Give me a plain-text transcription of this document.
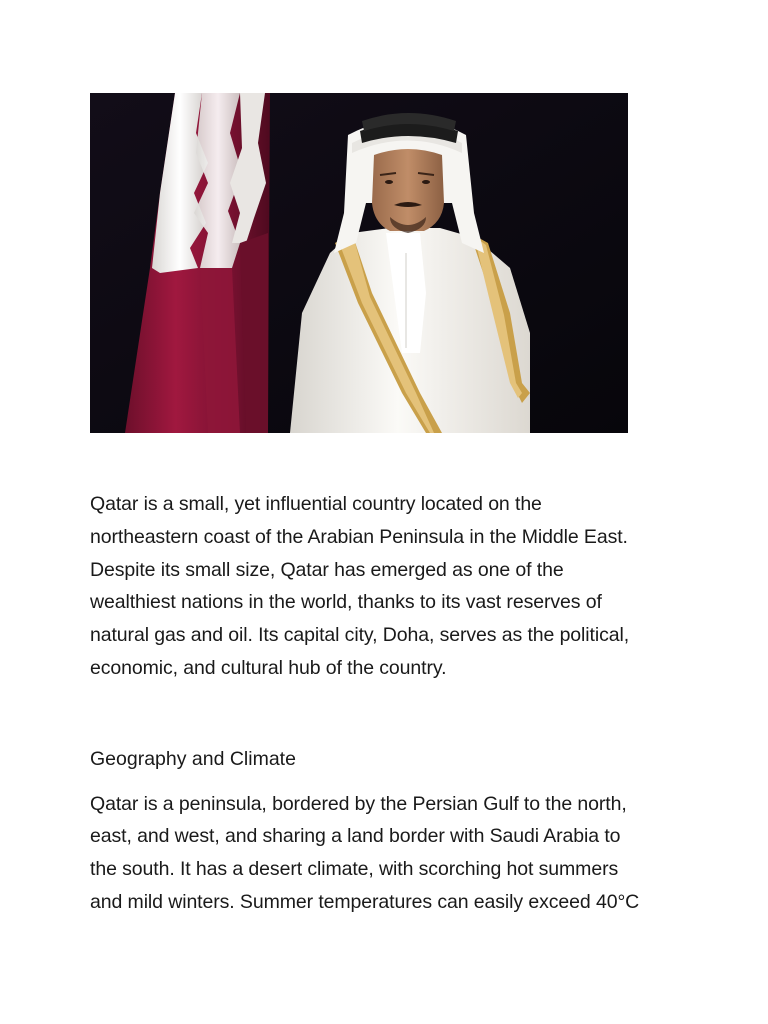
Qatar is a small, yet influential country located on the
northeastern coast of the Arabian Peninsula in the Middle East.
Despite its small size, Qatar has emerged as one of the
wealthiest nations in the world, thanks to its vast reserves of
natural gas and oil. Its capital city, Doha, serves as the political,
economic, and cultural hub of the country.

Geography and Climate

Qatar is a peninsula, bordered by the Persian Gulf to the north,
east, and west, and sharing a land border with Saudi Arabia to
the south. It has a desert climate, with scorching hot summers
and mild winters. Summer temperatures can easily exceed 40°C
